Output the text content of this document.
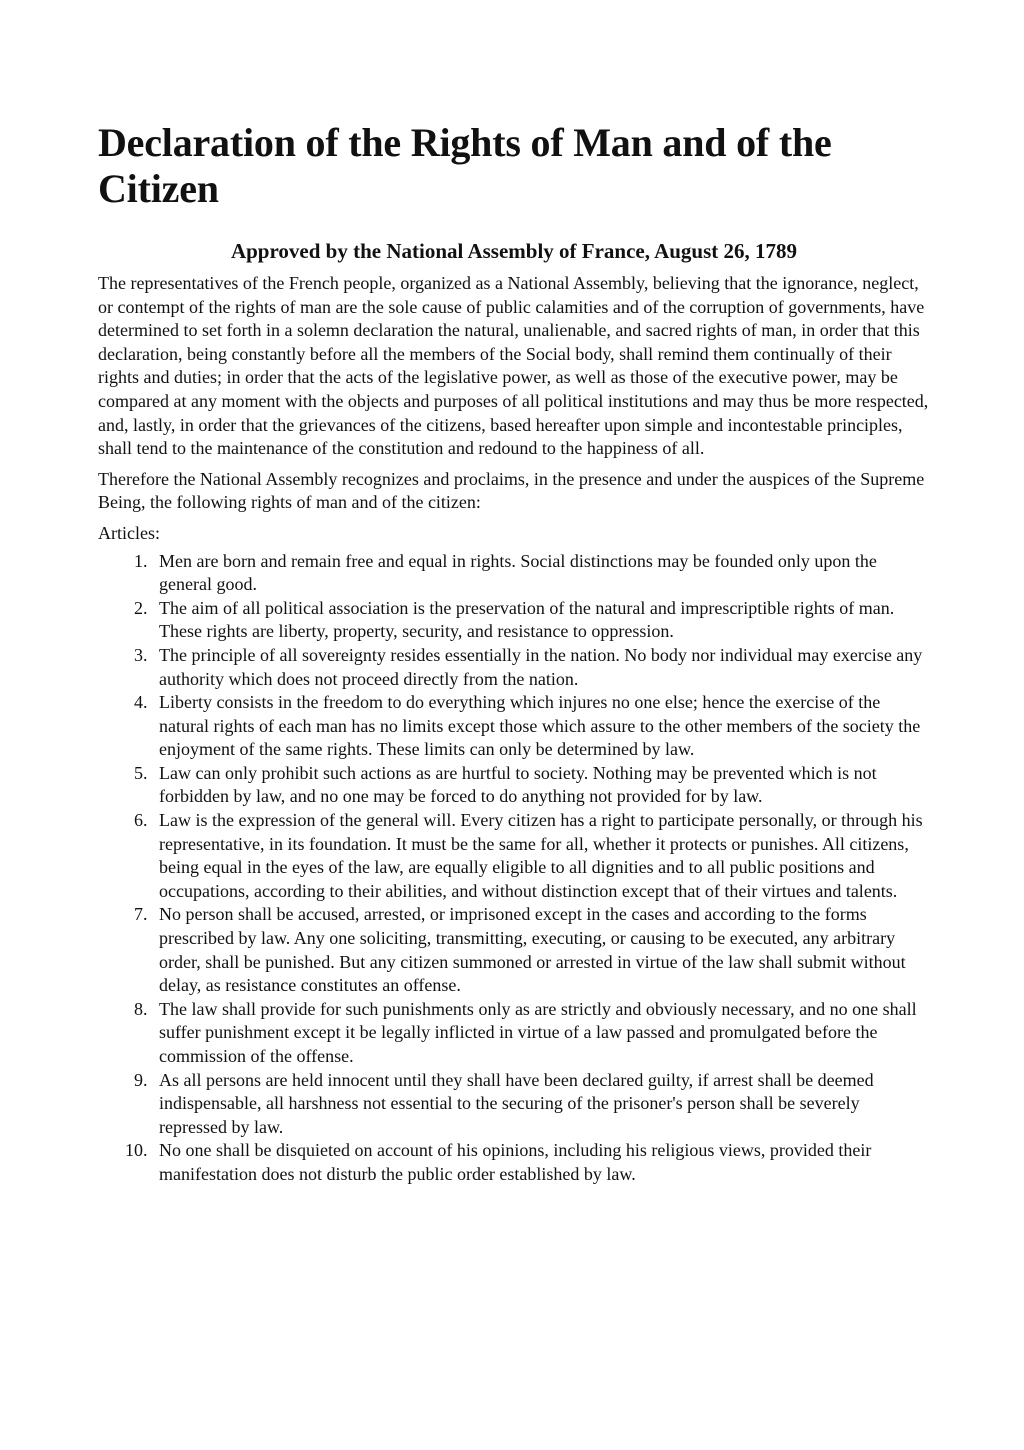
Declaration of the Rights of Man and of the Citizen
Approved by the National Assembly of France, August 26, 1789

The representatives of the French people, organized as a National Assembly, believing that the ignorance, neglect, or contempt of the rights of man are the sole cause of public calamities and of the corruption of governments, have determined to set forth in a solemn declaration the natural, unalienable, and sacred rights of man, in order that this declaration, being constantly before all the members of the Social body, shall remind them continually of their rights and duties; in order that the acts of the legislative power, as well as those of the executive power, may be compared at any moment with the objects and purposes of all political institutions and may thus be more respected, and, lastly, in order that the grievances of the citizens, based hereafter upon simple and incontestable principles, shall tend to the maintenance of the constitution and redound to the happiness of all.

Therefore the National Assembly recognizes and proclaims, in the presence and under the auspices of the Supreme Being, the following rights of man and of the citizen:

Articles:

1. Men are born and remain free and equal in rights. Social distinctions may be founded only upon the general good.
2. The aim of all political association is the preservation of the natural and imprescriptible rights of man. These rights are liberty, property, security, and resistance to oppression.
3. The principle of all sovereignty resides essentially in the nation. No body nor individual may exercise any authority which does not proceed directly from the nation.
4. Liberty consists in the freedom to do everything which injures no one else; hence the exercise of the natural rights of each man has no limits except those which assure to the other members of the society the enjoyment of the same rights. These limits can only be determined by law.
5. Law can only prohibit such actions as are hurtful to society. Nothing may be prevented which is not forbidden by law, and no one may be forced to do anything not provided for by law.
6. Law is the expression of the general will. Every citizen has a right to participate personally, or through his representative, in its foundation. It must be the same for all, whether it protects or punishes. All citizens, being equal in the eyes of the law, are equally eligible to all dignities and to all public positions and occupations, according to their abilities, and without distinction except that of their virtues and talents.
7. No person shall be accused, arrested, or imprisoned except in the cases and according to the forms prescribed by law. Any one soliciting, transmitting, executing, or causing to be executed, any arbitrary order, shall be punished. But any citizen summoned or arrested in virtue of the law shall submit without delay, as resistance constitutes an offense.
8. The law shall provide for such punishments only as are strictly and obviously necessary, and no one shall suffer punishment except it be legally inflicted in virtue of a law passed and promulgated before the commission of the offense.
9. As all persons are held innocent until they shall have been declared guilty, if arrest shall be deemed indispensable, all harshness not essential to the securing of the prisoner's person shall be severely repressed by law.
10. No one shall be disquieted on account of his opinions, including his religious views, provided their manifestation does not disturb the public order established by law.
